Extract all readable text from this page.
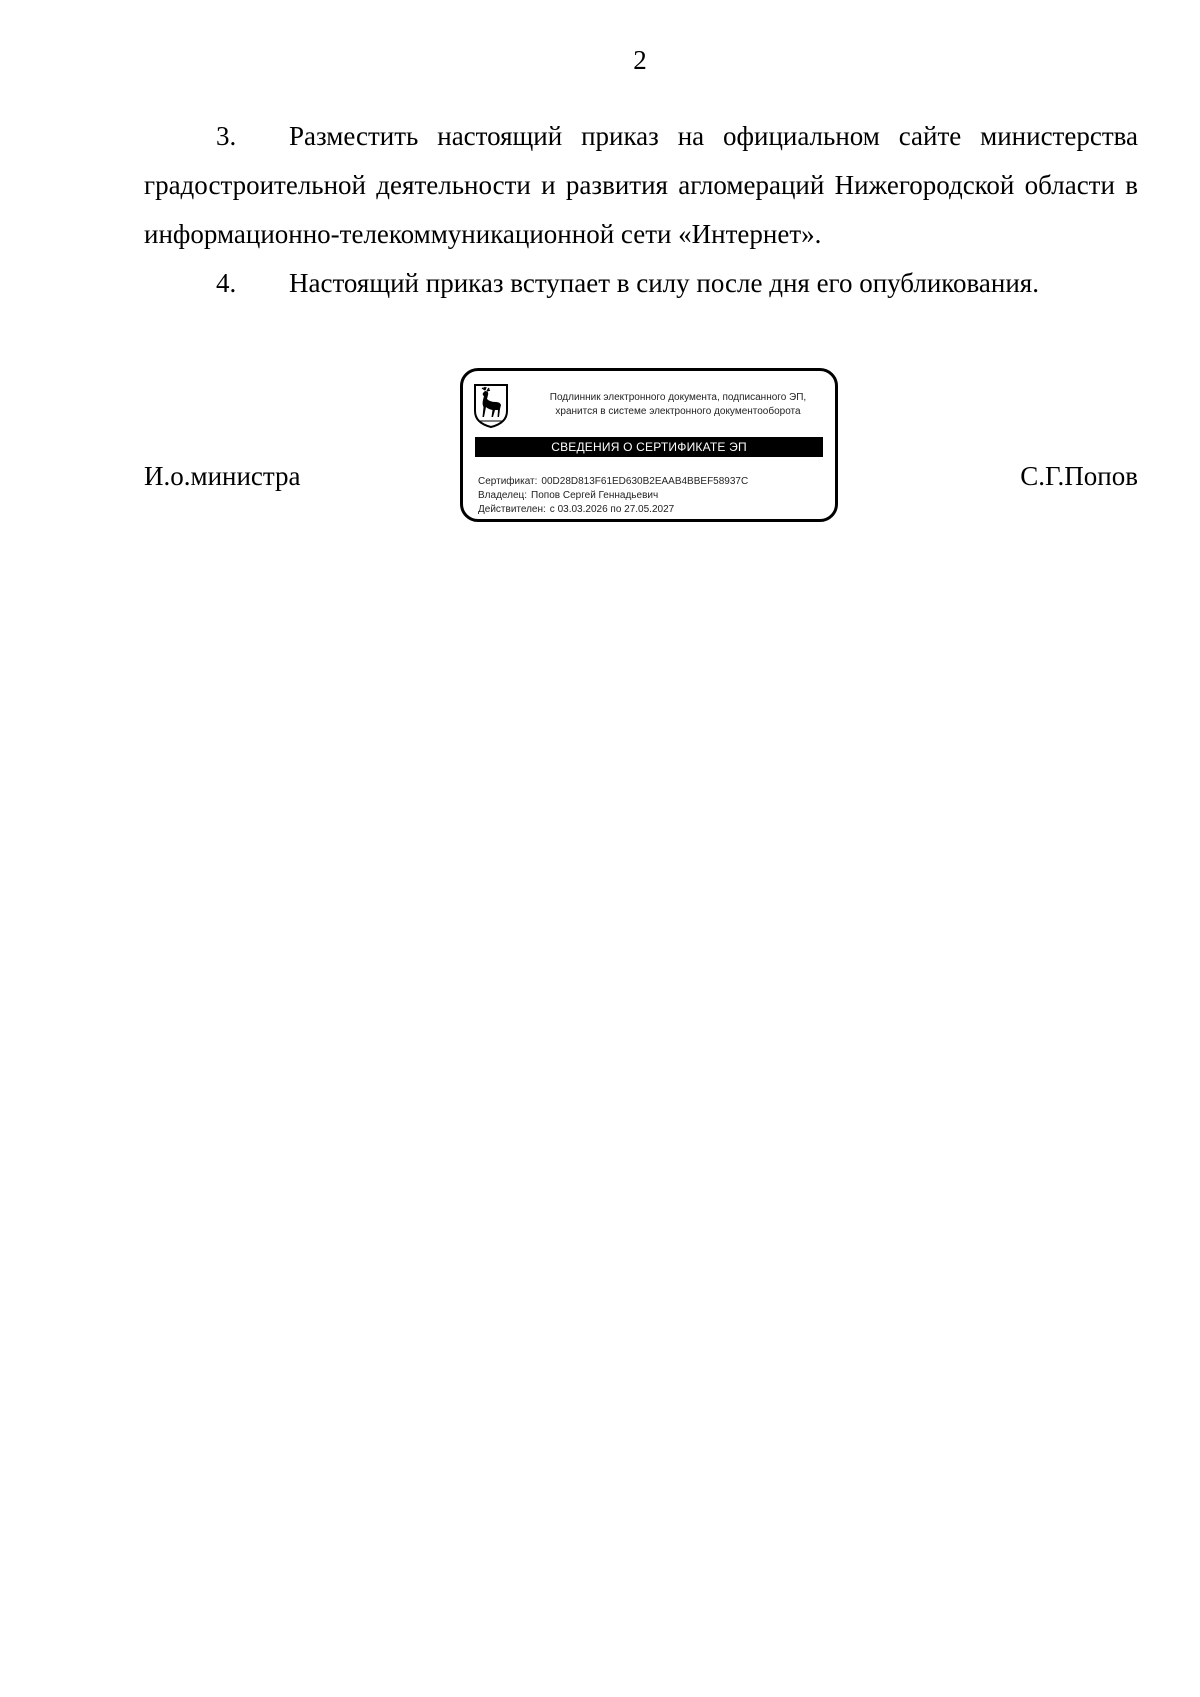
2

3. Разместить настоящий приказ на официальном сайте министерства градостроительной деятельности и развития агломераций Нижегородской области в информационно-телекоммуникационной сети «Интернет».

4. Настоящий приказ вступает в силу после дня его опубликования.

И.о.министра
Подлинник электронного документа, подписанного ЭП,
хранится в системе электронного документооборота
СВЕДЕНИЯ О СЕРТИФИКАТЕ ЭП
Сертификат: 00D28D813F61ED630B2EAAB4BBEF58937C
Владелец: Попов Сергей Геннадьевич
Действителен: с 03.03.2026 по 27.05.2027
С.Г.Попов
